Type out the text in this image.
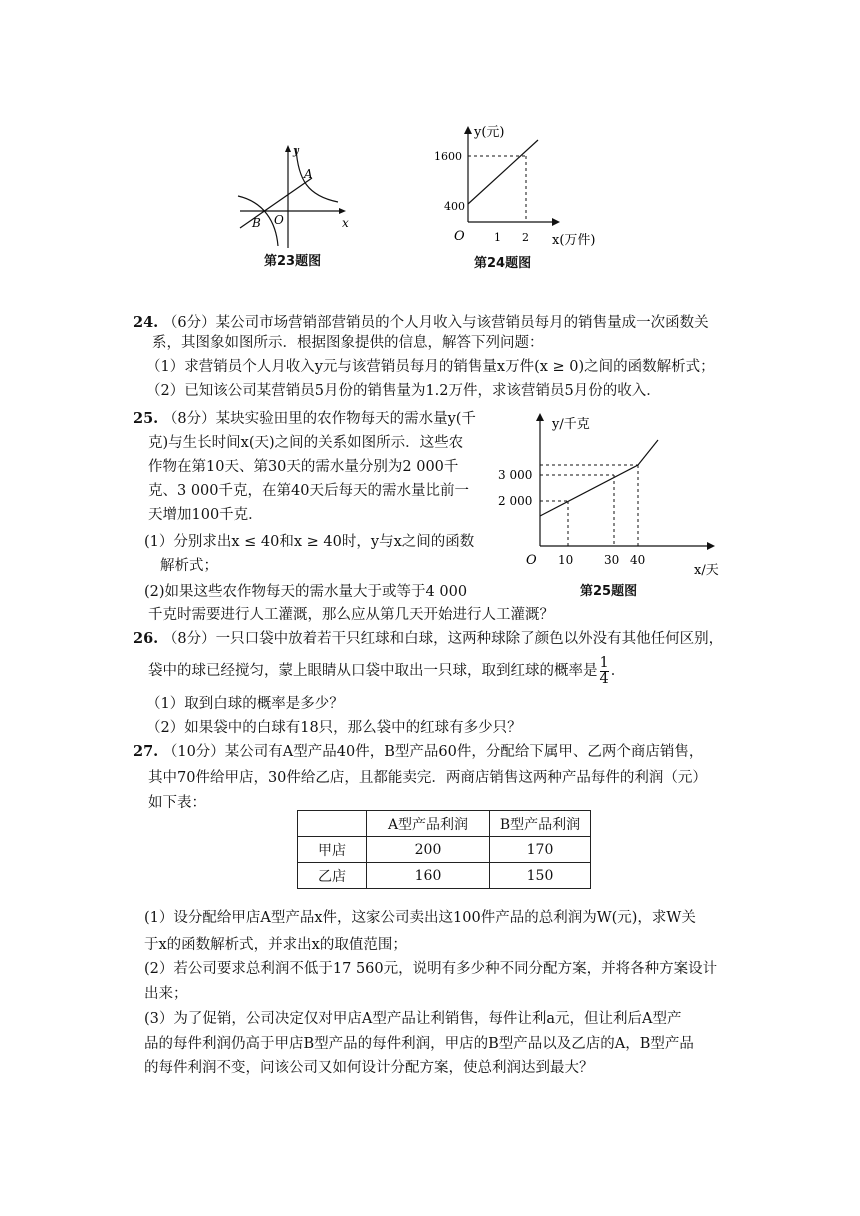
y
x
A
B O
第23题图
y(元)
1600
400
O	1 2 x(万件)
第24题图
24. （6分）某公司市场营销部营销员的个人月收入与该营销员每月的销售量成一次函数关
系，其图象如图所示．根据图象提供的信息，解答下列问题：
（1）求营销员个人月收入y元与该营销员每月的销售量x万件(x ≥ 0)之间的函数解析式；
（2）已知该公司某营销员5月份的销售量为1.2万件，求该营销员5月份的收入．
25. （8分）某块实验田里的农作物每天的需水量y(千
克)与生长时间x(天)之间的关系如图所示．这些农
作物在第10天、第30天的需水量分别为2 000千
克、3 000千克，在第40天后每天的需水量比前一
天增加100千克．
(1）分别求出x ≤ 40和x ≥ 40时，y与x之间的函数
解析式；
(2)如果这些农作物每天的需水量大于或等于4 000
千克时需要进行人工灌溉，那么应从第几天开始进行人工灌溉？
y/千克
3 000
2 000
O 10	30 40
x/天
第25题图
26. （8分）一只口袋中放着若干只红球和白球，这两种球除了颜色以外没有其他任何区别，
袋中的球已经搅匀，蒙上眼睛从口袋中取出一只球，取到红球的概率是 $\frac{1}{4}$ ．
（1）取到白球的概率是多少？
（2）如果袋中的白球有18只，那么袋中的红球有多少只？
27. （10分）某公司有A型产品40件，B型产品60件，分配给下属甲、乙两个商店销售，
其中70件给甲店，30件给乙店，且都能卖完．两商店销售这两种产品每件的利润（元）
如下表：
	A型产品利润	B型产品利润
甲店	200	170
乙店	160	150
(1）设分配给甲店A型产品x件，这家公司卖出这100件产品的总利润为W(元)，求W关
于x的函数解析式，并求出x的取值范围；
(2）若公司要求总利润不低于17 560元，说明有多少种不同分配方案，并将各种方案设计
出来；
(3）为了促销，公司决定仅对甲店A型产品让利销售，每件让利a元，但让利后A型产
品的每件利润仍高于甲店B型产品的每件利润，甲店的B型产品以及乙店的A，B型产品
的每件利润不变，问该公司又如何设计分配方案，使总利润达到最大？
